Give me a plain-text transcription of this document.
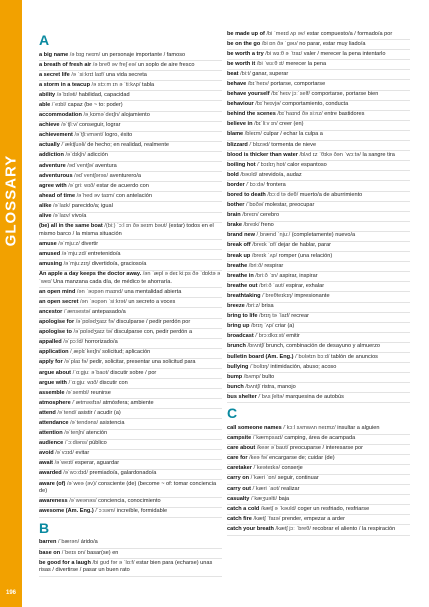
GLOSSARY
196
A
a big name /ə bɪg neɪm/ un personaje importante / famoso
a breath of fresh air /ə breθ əv freʃ eə/ un soplo de aire fresco
a secret life /ə ˈsiːkrɪt laɪf/ una vida secreta
a storm in a teacup /ə stɔːm ɪn ə ˈtiːkʌp/ tabla
ability /əˈbɪləti/ habilidad, capacidad
able /ˈeɪbl/ capaz (be ~ to: poder)
accommodation /əˌkɒməˈdeɪʃn/ alojamiento
achieve /əˈtʃiːv/ conseguir, lograr
achievement /əˈtʃiːvmənt/ logro, éxito
actually /ˈæktʃuəli/ de hecho; en realidad, realmente
addiction /əˈdɪkʃn/ adicción
adventure /ədˈventʃə/ aventura
adventurous /ədˈventʃərəs/ aventurero/a
agree with /əˈgriː wɪð/ estar de acuerdo con
ahead of time /əˈhed əv taɪm/ con antelación
alike /əˈlaɪk/ parecido/a; igual
alive /əˈlaɪv/ vivo/a
(be) all in the same boat /(biː) ˈɔːl ɪn ðə seɪm bəʊt/ (estar) todos en el mismo barco / la misma situación
amuse /əˈmjuːz/ divertir
amused /əˈmjuːzd/ entretenido/a
amusing /əˈmjuːzɪŋ/ divertido/a, gracioso/a
An apple a day keeps the doctor away. /ən ˈæpl ə deɪ kiːps ðə ˈdɒktə əˈweɪ/ Una manzana cada día, de médico te ahorraría.
an open mind /ən ˈəʊpən maɪnd/ una mentalidad abierta
an open secret /ən ˈəʊpən ˈsiːkrət/ un secreto a voces
ancestor /ˈænsestə/ antepasado/a
apologise for /əˈpɒlədʒaɪz fə/ disculparse / pedir perdón por
apologise to /əˈpɒlədʒaɪz tə/ disculparse con, pedir perdón a
appalled /əˈpɔːld/ horrorizado/a
application /ˌæplɪˈkeɪʃn/ solicitud; aplicación
apply for /əˈplaɪ fə/ pedir, solicitar, presentar una solicitud para
argue about /ˈɑːgjuː əˈbaʊt/ discutir sobre / por
argue with /ˈɑːgjuː wɪð/ discutir con
assemble /əˈsembl/ reunirse
atmosphere /ˈætməsfɪə/ atmósfera; ambiente
attend /əˈtend/ asistir / acudir (a)
attendance /əˈtendəns/ asistencia
attention /əˈtenʃn/ atención
audience /ˈɔːdiəns/ público
avoid /əˈvɔɪd/ evitar
await /əˈweɪt/ esperar, aguardar
awarded /əˈwɔːdɪd/ premiado/a, galardonado/a
aware (of) /əˈweə (əv)/ consciente (de) (become ~ of: tomar conciencia de)
awareness /əˈweənəs/ conciencia, conocimiento
awesome (Am. Eng.) /ˈɔːsəm/ increíble, formidable
B
barren /ˈbærən/ árido/a
base on /ˈbeɪs ɒn/ basar(se) en
be good for a laugh /bi gʊd fər ə ˈlɑːf/ estar bien para (echarse) unas risas / divertirse / pasar un buen rato
be made up of /bi ˈmeɪd ʌp əv/ estar compuesto/a / formado/a por
be on the go /bi ɒn ðə ˈgəʊ/ no parar, estar muy liado/a
be worth a try /bi wɜːθ ə ˈtraɪ/ valer / merecer la pena intentarlo
be worth it /bi ˈwɜːθ ɪt/ merecer la pena
beat /biːt/ ganar, superar
behave /bɪˈheɪv/ portarse, comportarse
behave yourself /bɪˈheɪv jɔːˈself/ comportarse, portarse bien
behaviour /bɪˈheɪvjə/ comportamiento, conducta
behind the scenes /bɪˈhaɪnd ðə siːnz/ entre bastidores
believe in /bɪˈliːv ɪn/ creer (en)
blame /bleɪm/ culpar / echar la culpa a
blizzard /ˈblɪzəd/ tormenta de nieve
blood is thicker than water /blʌd ɪz ˈθɪkə ðən ˈwɔːtə/ la sangre tira
boiling hot /ˈbɔɪlɪŋ hɒt/ calor espantoso
bold /bəʊld/ atrevido/a, audaz
border /ˈbɔːdə/ frontera
bored to death /bɔːd tə deθ/ muerto/a de aburrimiento
bother /ˈbɒðə/ molestar, preocupar
brain /breɪn/ cerebro
brake /breɪk/ freno
brand new /ˌbrænd ˈnjuː/ (completamente) nuevo/a
break off /breɪk ˈɒf/ dejar de hablar, parar
break up /breɪk ˈʌp/ romper (una relación)
breathe /briːð/ respirar
breathe in /briːð ˈɪn/ aspirar, inspirar
breathe out /briːð ˈaʊt/ espirar, exhalar
breathtaking /ˈbreθteɪkɪŋ/ impresionante
breeze /briːz/ brisa
bring to life /brɪŋ tə ˈlaɪf/ recrear
bring up /brɪŋ ˈʌp/ criar (a)
broadcast /ˈbrɔːdkɑːst/ emitir
brunch /brʌntʃ/ brunch, combinación de desayuno y almuerzo
bulletin board (Am. Eng.) /ˈbʊlətɪn bɔːd/ tablón de anuncios
bullying /ˈbʊliɪŋ/ intimidación, abuso; acoso
bump /bʌmp/ bulto
bunch /bʌntʃ/ ristra, manojo
bus shelter /ˈbʌs ʃeltə/ marquesina de autobús
C
call someone names /ˈkɔːl sʌmwʌn neɪmz/ insultar a alguien
campsite /ˈkæmpsaɪt/ camping, área de acampada
care about /keər əˈbaʊt/ preocuparse / interesarse por
care for /keə fə/ encargarse de; cuidar (de)
caretaker /ˈkeəteɪkə/ conserje
carry on /ˈkæri ˈɒn/ seguir, continuar
carry out /ˈkæri ˈaʊt/ realizar
casualty /ˈkæʒuəlti/ baja
catch a cold /kætʃ ə ˈkəʊld/ coger un resfriado, resfriarse
catch fire /kætʃ ˈfaɪə/ prender, empezar a arder
catch your breath /kætʃ jɔː ˈbreθ/ recobrar el aliento / la respiración
